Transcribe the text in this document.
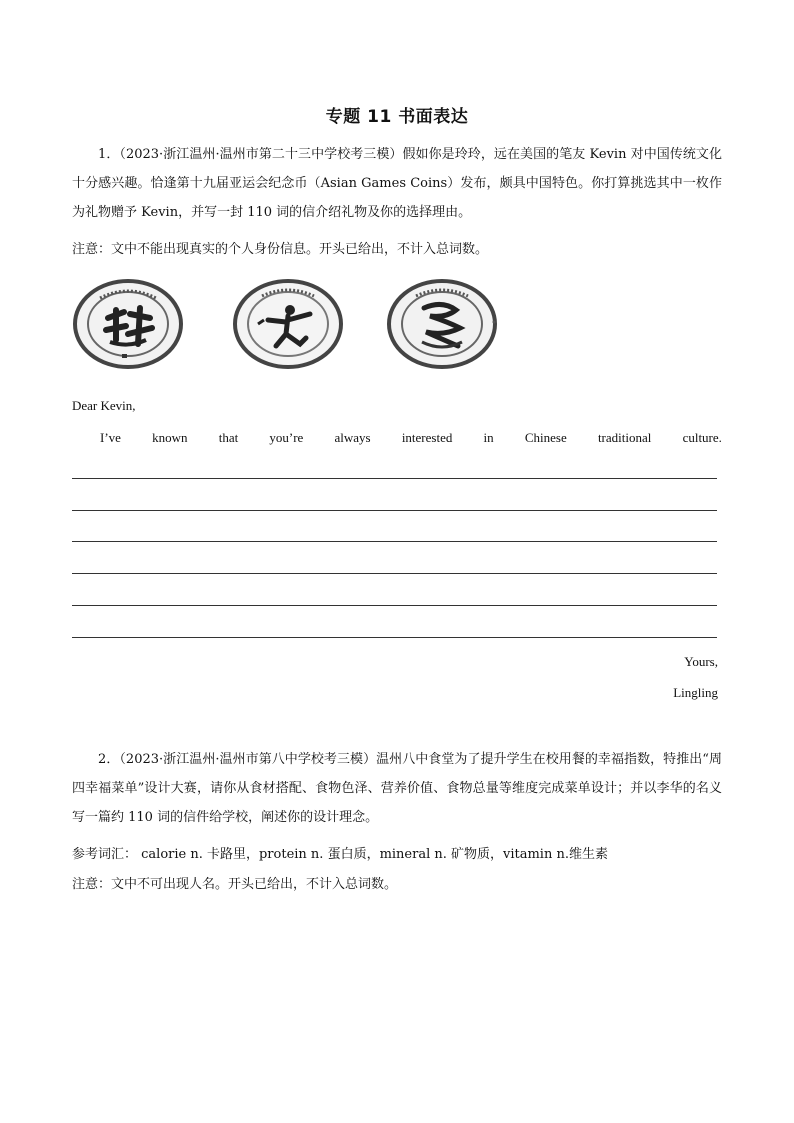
专题 11 书面表达
1．（2023·浙江温州·温州市第二十三中学校考三模）假如你是玲玲，远在美国的笔友 Kevin 对中国传统文化十分感兴趣。恰逢第十九届亚运会纪念币（Asian Games Coins）发布，颇具中国特色。你打算挑选其中一枚作为礼物赠予 Kevin，并写一封 110 词的信介绍礼物及你的选择理由。
注意：文中不能出现真实的个人身份信息。开头已给出，不计入总词数。
Dear Kevin,
I’ve known that you’re always interested in Chinese traditional culture.
Yours,
Lingling
2．（2023·浙江温州·温州市第八中学校考三模）温州八中食堂为了提升学生在校用餐的幸福指数，特推出“周四幸福菜单”设计大赛，请你从食材搭配、食物色泽、营养价值、食物总量等维度完成菜单设计；并以李华的名义写一篇约 110 词的信件给学校，阐述你的设计理念。
参考词汇： calorie n. 卡路里，protein n. 蛋白质，mineral n. 矿物质，vitamin n.维生素
注意：文中不可出现人名。开头已给出，不计入总词数。
